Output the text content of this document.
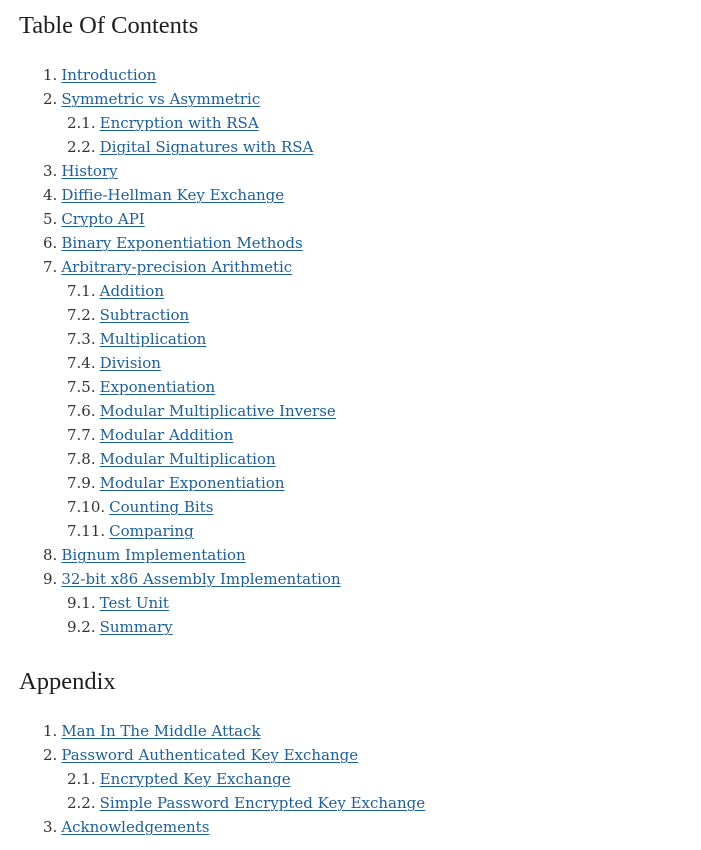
Table Of Contents
1. Introduction
2. Symmetric vs Asymmetric
2.1. Encryption with RSA
2.2. Digital Signatures with RSA
3. History
4. Diffie-Hellman Key Exchange
5. Crypto API
6. Binary Exponentiation Methods
7. Arbitrary-precision Arithmetic
7.1. Addition
7.2. Subtraction
7.3. Multiplication
7.4. Division
7.5. Exponentiation
7.6. Modular Multiplicative Inverse
7.7. Modular Addition
7.8. Modular Multiplication
7.9. Modular Exponentiation
7.10. Counting Bits
7.11. Comparing
8. Bignum Implementation
9. 32-bit x86 Assembly Implementation
9.1. Test Unit
9.2. Summary
Appendix
1. Man In The Middle Attack
2. Password Authenticated Key Exchange
2.1. Encrypted Key Exchange
2.2. Simple Password Encrypted Key Exchange
3. Acknowledgements
